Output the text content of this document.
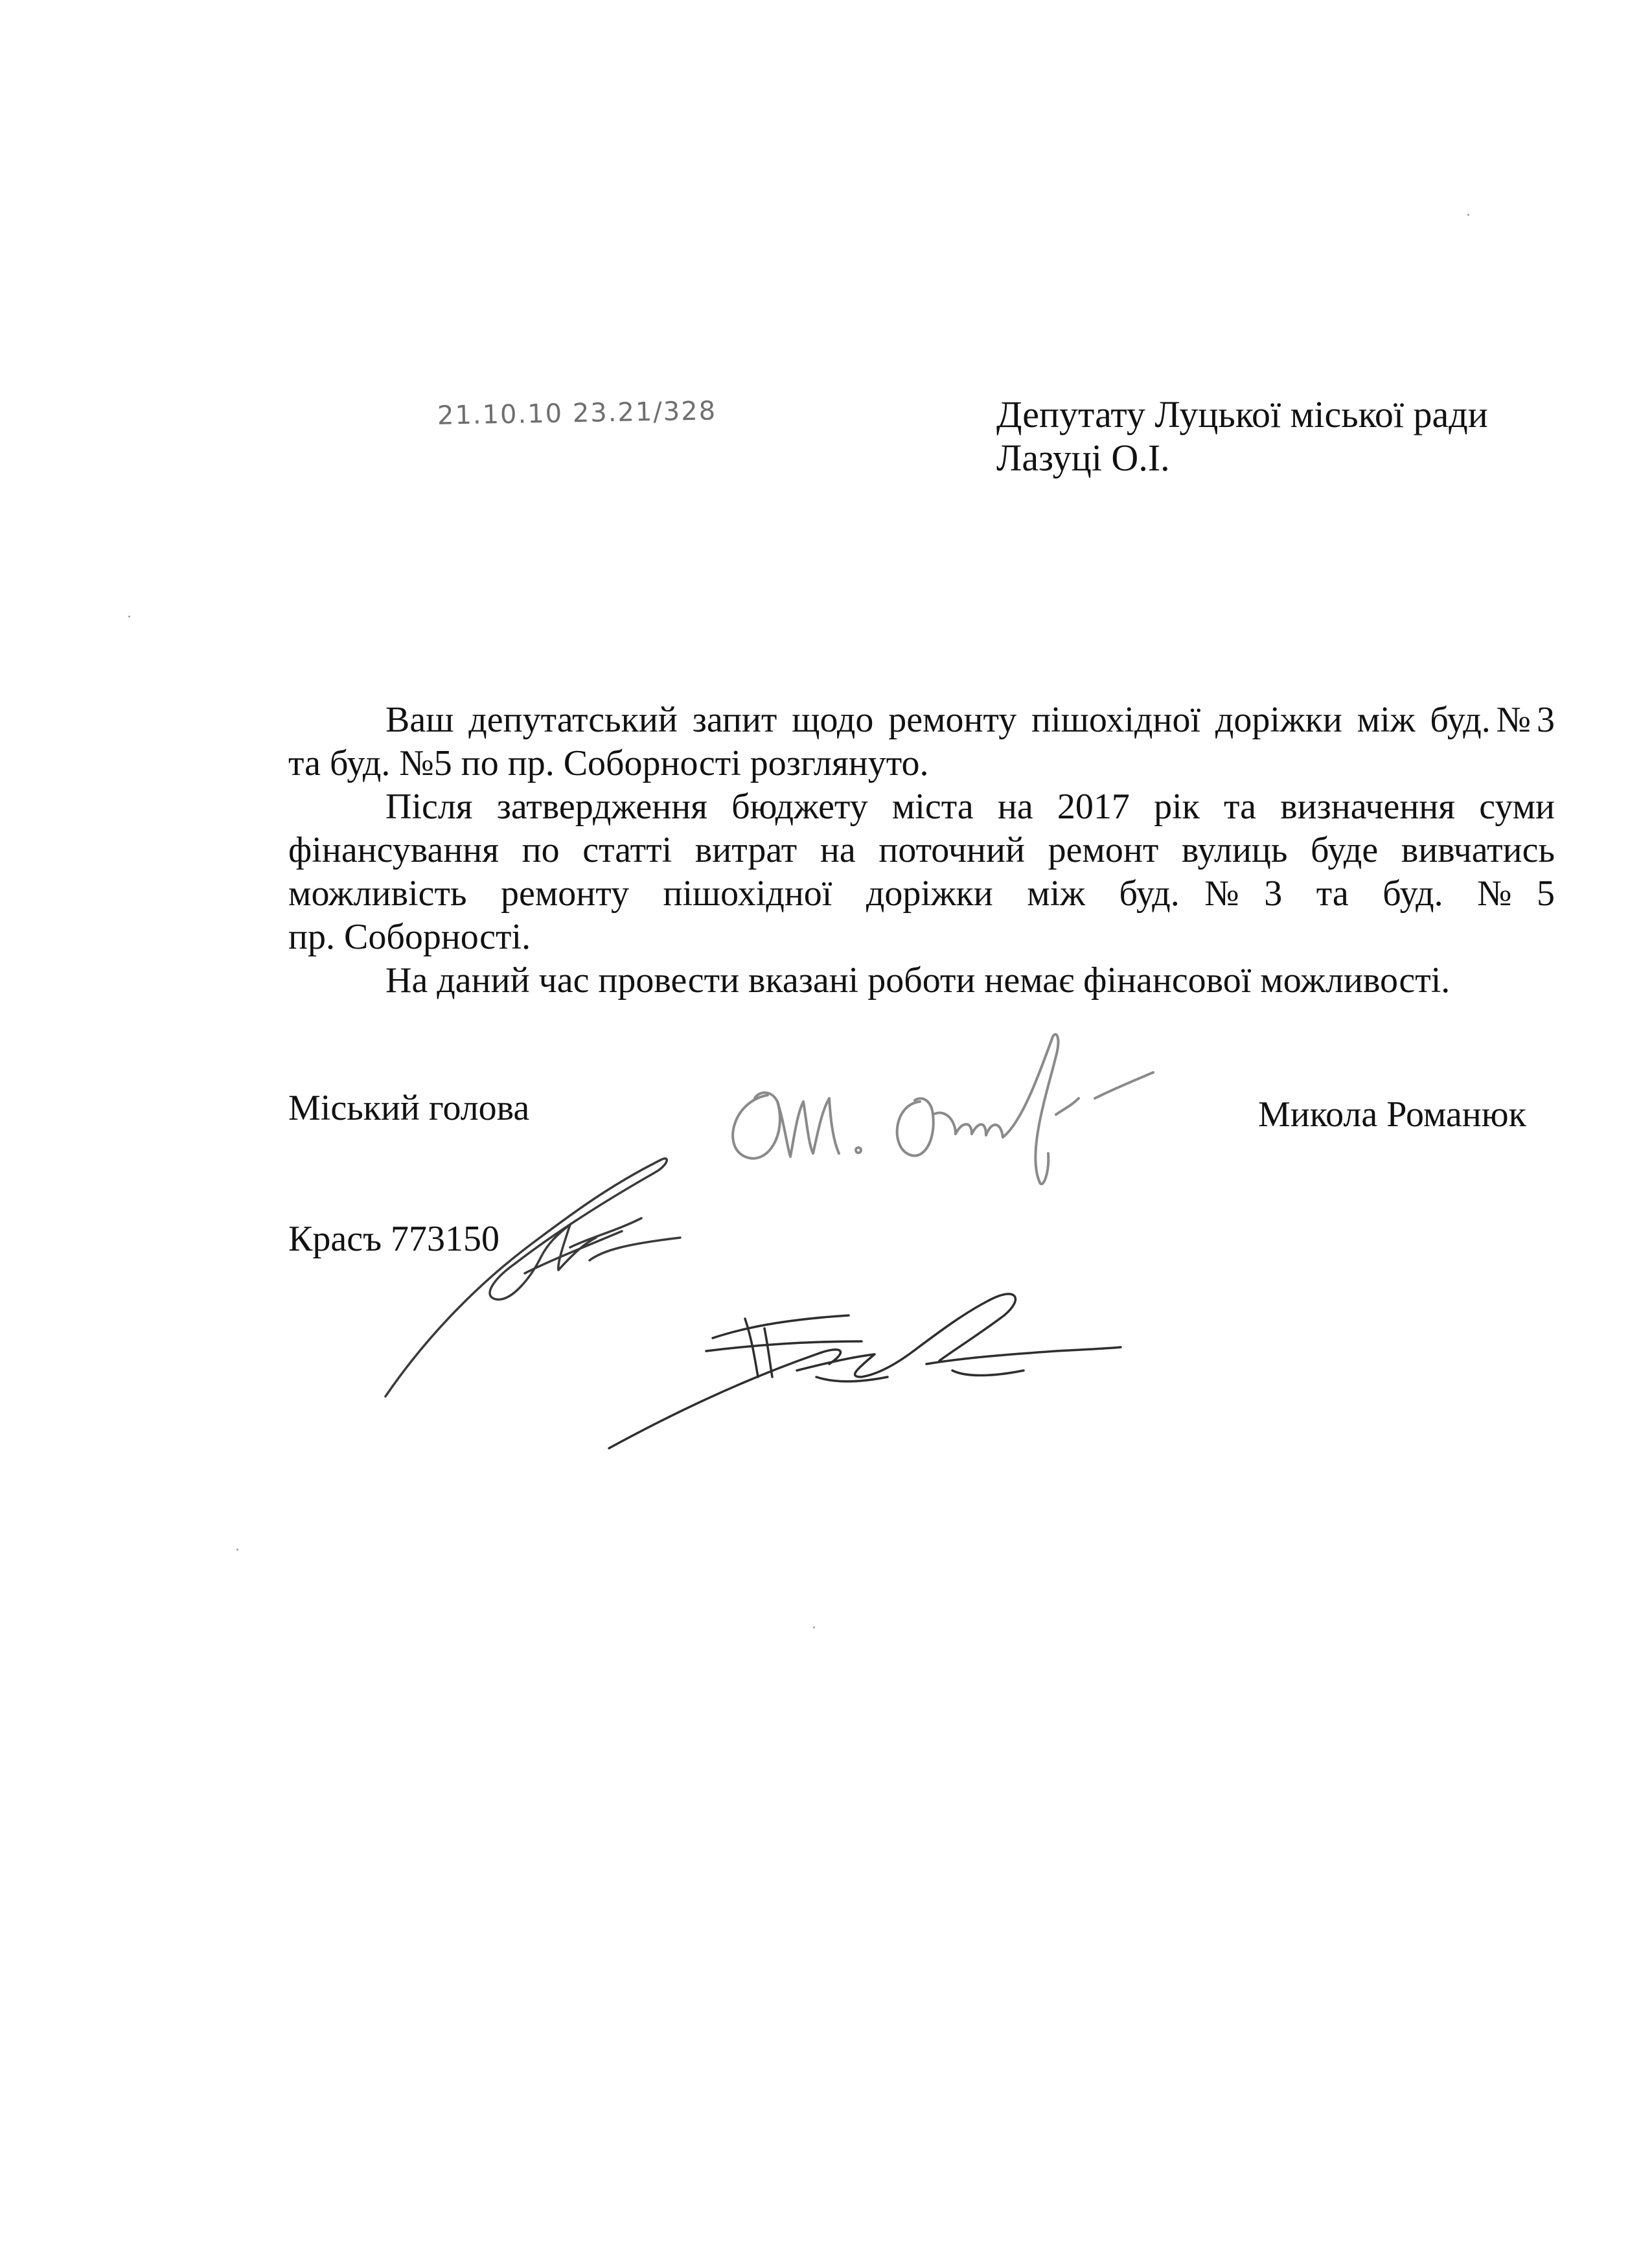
21.10.10 23.21/328	Депутату Луцької міської ради
Лазуці О.І.
Ваш депутатський запит щодо ремонту пішохідної доріжки між буд.№3
та буд. №5 по пр. Соборності розглянуто.
Після затвердження бюджету міста на 2017 рік та визначення суми
фінансування по статті витрат на поточний ремонт вулиць буде вивчатись
можливість ремонту пішохідної доріжки між буд.№3 та буд. №5
пр. Соборності.
На даний час провести вказані роботи немає фінансової можливості.
Міський голова	Микола Романюк
Красъ 773150
